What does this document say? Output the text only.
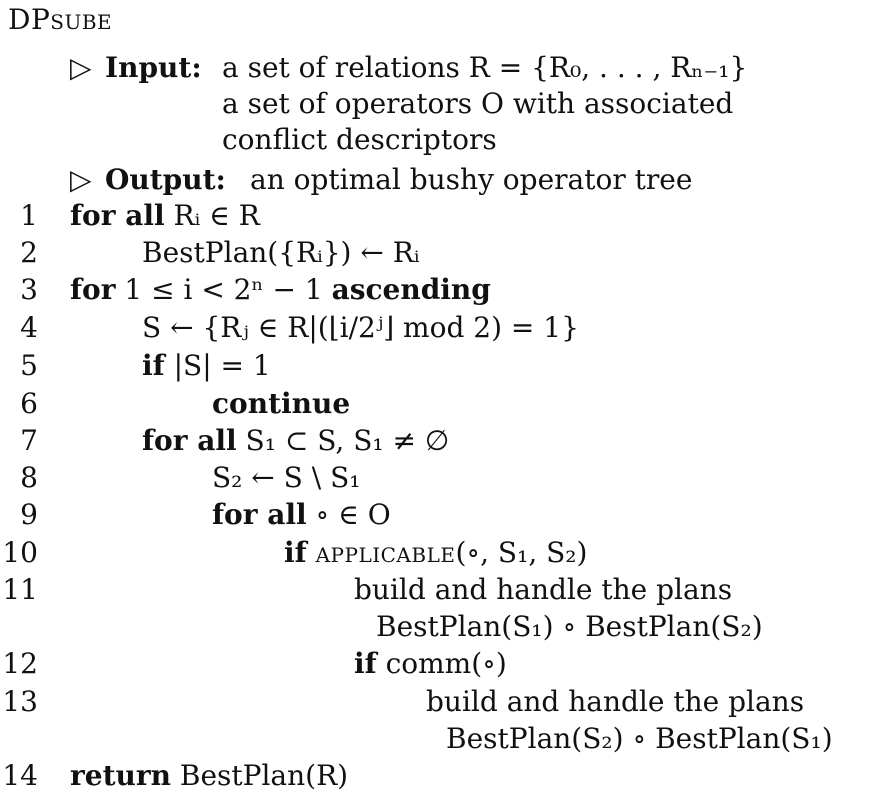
DPsube
▷ Input: a set of relations R = {R₀, . . . , Rₙ₋₁}
a set of operators O with associated
conflict descriptors
▷ Output: an optimal bushy operator tree
1 for all Rᵢ ∈ R
2	BestPlan({Rᵢ}) ← Rᵢ
3 for 1 ≤ i < 2ⁿ − 1 ascending
4	S ← {Rⱼ ∈ R|(⌊i/2ʲ⌋ mod 2) = 1}
5	if |S| = 1
6	continue
7	for all S₁ ⊂ S, S₁ ≠ ∅
8	S₂ ← S \ S₁
9	for all ∘ ∈ O
10	if applicable(∘, S₁, S₂)
11	build and handle the plans
BestPlan(S₁) ∘ BestPlan(S₂)
12	if comm(∘)
13	build and handle the plans
BestPlan(S₂) ∘ BestPlan(S₁)
14 return BestPlan(R)
